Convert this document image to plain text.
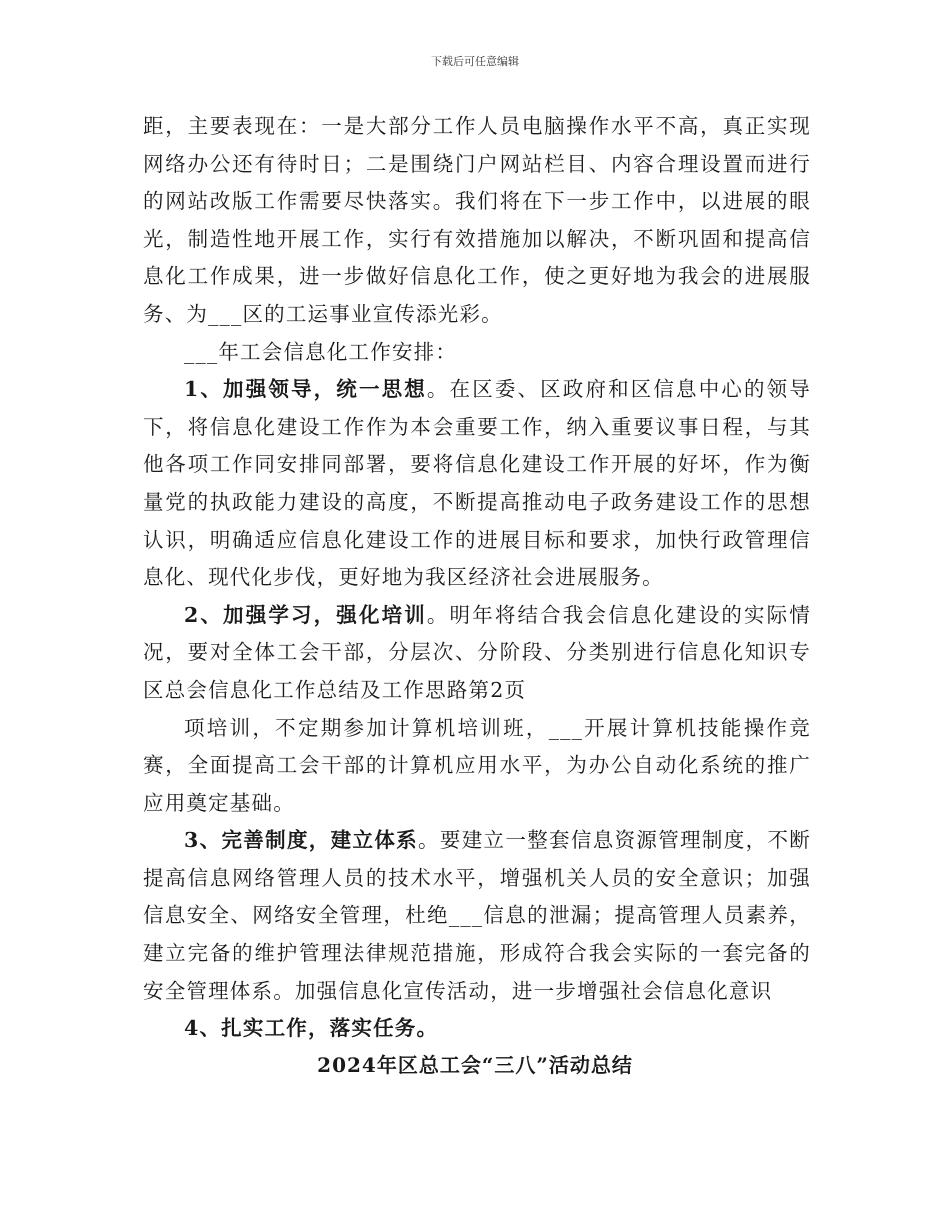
下载后可任意编辑

距，主要表现在：一是大部分工作人员电脑操作水平不高，真正实现网络办公还有待时日；二是围绕门户网站栏目、内容合理设置而进行的网站改版工作需要尽快落实。我们将在下一步工作中，以进展的眼光，制造性地开展工作，实行有效措施加以解决，不断巩固和提高信息化工作成果，进一步做好信息化工作，使之更好地为我会的进展服务、为___区的工运事业宣传添光彩。

___年工会信息化工作安排：

1、加强领导，统一思想。在区委、区政府和区信息中心的领导下，将信息化建设工作作为本会重要工作，纳入重要议事日程，与其他各项工作同安排同部署，要将信息化建设工作开展的好坏，作为衡量党的执政能力建设的高度，不断提高推动电子政务建设工作的思想认识，明确适应信息化建设工作的进展目标和要求，加快行政管理信息化、现代化步伐，更好地为我区经济社会进展服务。

2、加强学习，强化培训。明年将结合我会信息化建设的实际情况，要对全体工会干部，分层次、分阶段、分类别进行信息化知识专区总会信息化工作总结及工作思路第2页

项培训，不定期参加计算机培训班，___开展计算机技能操作竞赛，全面提高工会干部的计算机应用水平，为办公自动化系统的推广应用奠定基础。

3、完善制度，建立体系。要建立一整套信息资源管理制度，不断提高信息网络管理人员的技术水平，增强机关人员的安全意识；加强信息安全、网络安全管理，杜绝___信息的泄漏；提高管理人员素养，建立完备的维护管理法律规范措施，形成符合我会实际的一套完备的安全管理体系。加强信息化宣传活动，进一步增强社会信息化意识

4、扎实工作，落实任务。

2024年区总工会“三八”活动总结
